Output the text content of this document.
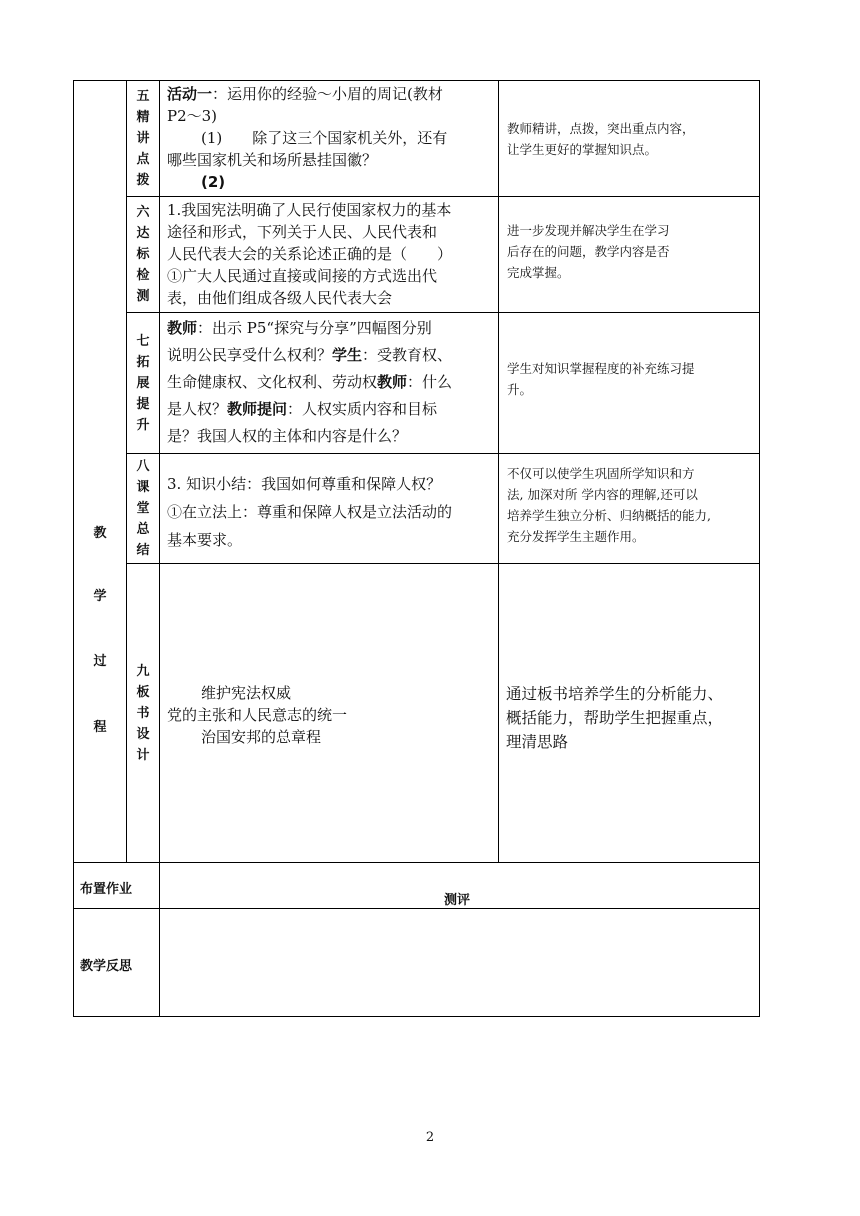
教
学
过
程
五
精
讲
点
拨

活动一：运用你的经验～小眉的周记(教材

P2～3)

(1)　　除了这三个国家机关外，还有

哪些国家机关和场所悬挂国徽？

(2)

教师精讲，点拨，突出重点内容，

让学生更好的掌握知识点。

六
达
标
检
测

1.我国宪法明确了人民行使国家权力的基本

途径和形式，下列关于人民、人民代表和

人民代表大会的关系论述正确的是（　　）

①广大人民通过直接或间接的方式选出代

表，由他们组成各级人民代表大会

进一步发现并解决学生在学习

后存在的问题，教学内容是否

完成掌握。

七
拓
展
提
升

教师：出示 P5“探究与分享”四幅图分别

说明公民享受什么权利？学生：受教育权、

生命健康权、文化权利、劳动权教师：什么

是人权？教师提问：人权实质内容和目标

是？我国人权的主体和内容是什么？

学生对知识掌握程度的补充练习提

升。

八
课
堂
总
结

3. 知识小结：我国如何尊重和保障人权？

①在立法上：尊重和保障人权是立法活动的

基本要求。

不仅可以使学生巩固所学知识和方

法, 加深对所 学内容的理解,还可以

培养学生独立分析、归纳概括的能力,

充分发挥学生主题作用。

九
板
书
设
计

维护宪法权威

党的主张和人民意志的统一

治国安邦的总章程

通过板书培养学生的分析能力、

概括能力，帮助学生把握重点，

理清思路

布置作业
测评
教学反思
2
